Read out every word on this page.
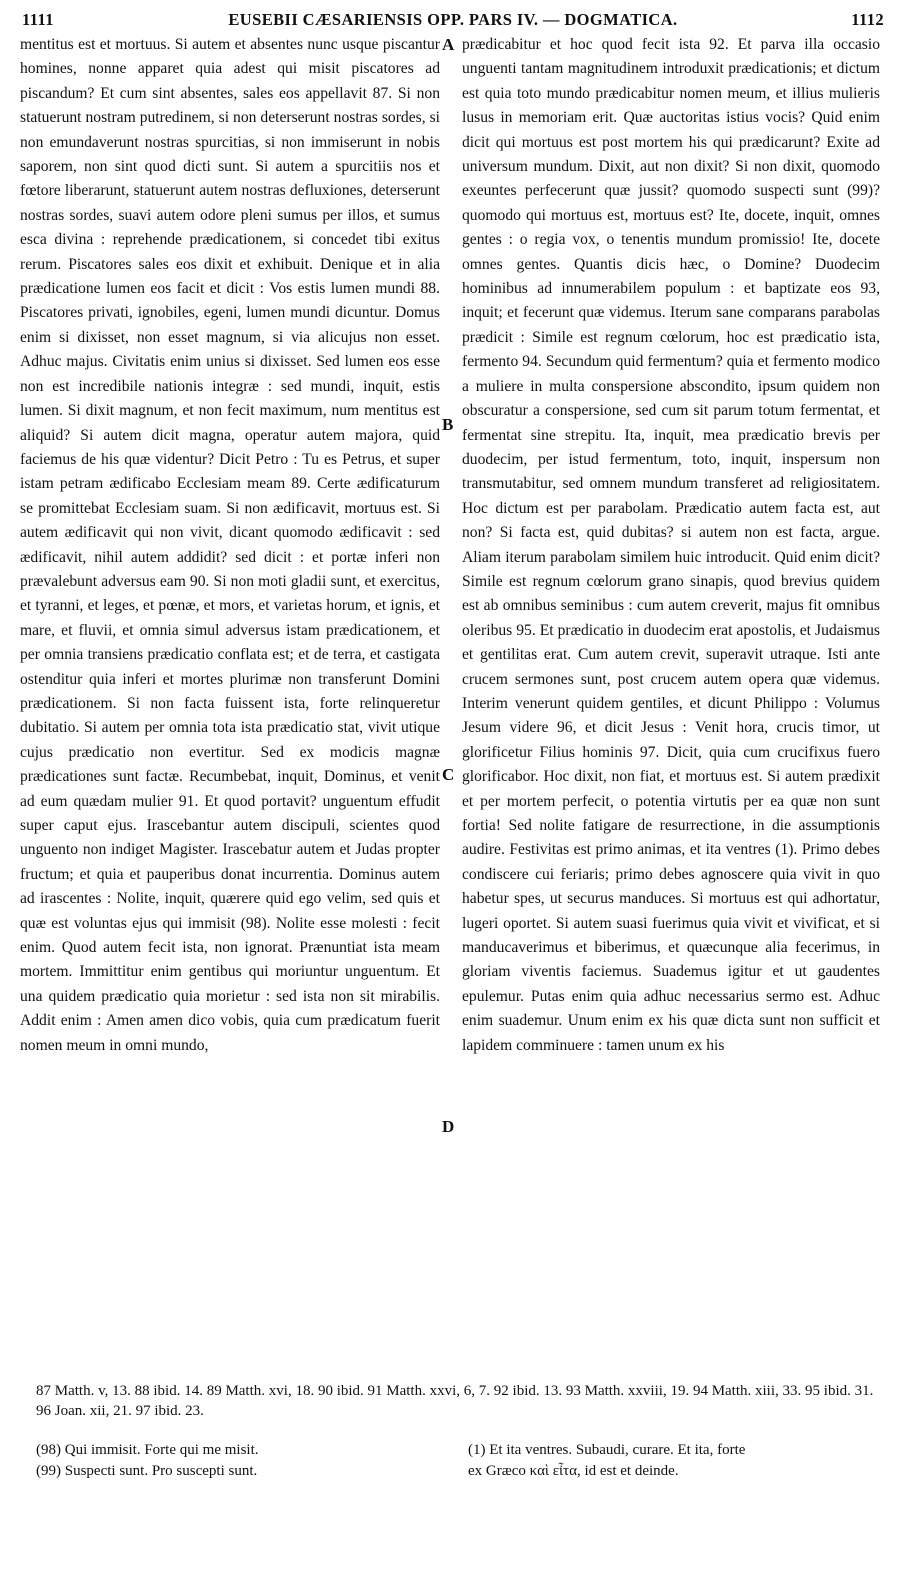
1111	EUSEBII CÆSARIENSIS OPP. PARS IV. — DOGMATICA.	1112

mentitus est et mortuus. Si autem et absentes nunc usque piscantur homines, nonne apparet quia adest qui misit piscatores ad piscandum? Et cum sint absentes, sales eos appellavit 87. Si non statuerunt nostram putredinem, si non deterserunt nostras sordes, si non emundaverunt nostras spurcitias, si non immiserunt in nobis saporem, non sint quod dicti sunt. Si autem a spurcitiis nos et fœtore liberarunt, statuerunt autem nostras defluxiones, deterserunt nostras sordes, suavi autem odore pleni sumus per illos, et sumus esca divina : reprehende prædicationem, si concedet tibi exitus rerum. Piscatores sales eos dixit et exhibuit. Denique et in alia prædicatione lumen eos facit et dicit : Vos estis lumen mundi 88. Piscatores privati, ignobiles, egeni, lumen mundi dicuntur. Domus enim si dixisset, non esset magnum, si via alicujus non esset. Adhuc majus. Civitatis enim unius si dixisset. Sed lumen eos esse non est incredibile nationis integræ : sed mundi, inquit, estis lumen. Si dixit magnum, et non fecit maximum, num mentitus est aliquid? Si autem dicit magna, operatur autem majora, quid faciemus de his quæ videntur? Dicit Petro : Tu es Petrus, et super istam petram ædificabo Ecclesiam meam 89. Certe ædificaturum se promittebat Ecclesiam suam. Si non ædificavit, mortuus est. Si autem ædificavit qui non vivit, dicant quomodo ædificavit : sed ædificavit, nihil autem addidit? sed dicit : et portæ inferi non prævalebunt adversus eam 90. Si non moti gladii sunt, et exercitus, et tyranni, et leges, et pœnæ, et mors, et varietas horum, et ignis, et mare, et fluvii, et omnia simul adversus istam prædicationem, et per omnia transiens prædicatio conflata est; et de terra, et castigata ostenditur quia inferi et mortes plurimæ non transferunt Domini prædicationem. Si non facta fuissent ista, forte relinqueretur dubitatio. Si autem per omnia tota ista prædicatio stat, vivit utique cujus prædicatio non evertitur. Sed ex modicis magnæ prædicationes sunt factæ. Recumbebat, inquit, Dominus, et venit ad eum quædam mulier 91. Et quod portavit? unguentum effudit super caput ejus. Irascebantur autem discipuli, scientes quod unguento non indiget Magister. Irascebatur autem et Judas propter fructum; et quia et pauperibus donat incurrentia. Dominus autem ad irascentes : Nolite, inquit, quærere quid ego velim, sed quis et quæ est voluntas ejus qui immisit (98). Nolite esse molesti : fecit enim. Quod autem fecit ista, non ignorat. Prænuntiat ista meam mortem. Immittitur enim gentibus qui moriuntur unguentum. Et una quidem prædicatio quia morietur : sed ista non sit mirabilis. Addit enim : Amen amen dico vobis, quia cum prædicatum fuerit nomen meum in omni mundo,

A
B
C
D

prædicabitur et hoc quod fecit ista 92. Et parva illa occasio unguenti tantam magnitudinem introduxit prædicationis; et dictum est quia toto mundo prædicabitur nomen meum, et illius mulieris lusus in memoriam erit. Quæ auctoritas istius vocis? Quid enim dicit qui mortuus est post mortem his qui prædicarunt? Exite ad universum mundum. Dixit, aut non dixit? Si non dixit, quomodo exeuntes perfecerunt quæ jussit? quomodo suspecti sunt (99)? quomodo qui mortuus est, mortuus est? Ite, docete, inquit, omnes gentes : o regia vox, o tenentis mundum promissio! Ite, docete omnes gentes. Quantis dicis hæc, o Domine? Duodecim hominibus ad innumerabilem populum : et baptizate eos 93, inquit; et fecerunt quæ videmus. Iterum sane comparans parabolas prædicit : Simile est regnum cœlorum, hoc est prædicatio ista, fermento 94. Secundum quid fermentum? quia et fermento modico a muliere in multa conspersione abscondito, ipsum quidem non obscuratur a conspersione, sed cum sit parum totum fermentat, et fermentat sine strepitu. Ita, inquit, mea prædicatio brevis per duodecim, per istud fermentum, toto, inquit, inspersum non transmutabitur, sed omnem mundum transferet ad religiositatem. Hoc dictum est per parabolam. Prædicatio autem facta est, aut non? Si facta est, quid dubitas? si autem non est facta, argue. Aliam iterum parabolam similem huic introducit. Quid enim dicit? Simile est regnum cœlorum grano sinapis, quod brevius quidem est ab omnibus seminibus : cum autem creverit, majus fit omnibus oleribus 95. Et prædicatio in duodecim erat apostolis, et Judaismus et gentilitas erat. Cum autem crevit, superavit utraque. Isti ante crucem sermones sunt, post crucem autem opera quæ videmus. Interim venerunt quidem gentiles, et dicunt Philippo : Volumus Jesum videre 96, et dicit Jesus : Venit hora, crucis timor, ut glorificetur Filius hominis 97. Dicit, quia cum crucifixus fuero glorificabor. Hoc dixit, non fiat, et mortuus est. Si autem prædixit et per mortem perfecit, o potentia virtutis per ea quæ non sunt fortia! Sed nolite fatigare de resurrectione, in die assumptionis audire. Festivitas est primo animas, et ita ventres (1). Primo debes condiscere cui feriaris; primo debes agnoscere quia vivit in quo habetur spes, ut securus manduces. Si mortuus est qui adhortatur, lugeri oportet. Si autem suasi fuerimus quia vivit et vivificat, et si manducaverimus et biberimus, et quæcunque alia fecerimus, in gloriam viventis faciemus. Suademus igitur et ut gaudentes epulemur. Putas enim quia adhuc necessarius sermo est. Adhuc enim suademur. Unum enim ex his quæ dicta sunt non sufficit et lapidem comminuere : tamen unum ex his

87 Matth. v, 13. 88 ibid. 14. 89 Matth. xvi, 18. 90 ibid. 91 Matth. xxvi, 6, 7. 92 ibid. 13. 93 Matth. xxviii, 19. 94 Matth. xiii, 33. 95 ibid. 31. 96 Joan. xii, 21. 97 ibid. 23.
(98) Qui immisit. Forte qui me misit.
(99) Suspecti sunt. Pro suscepti sunt.
(1) Et ita ventres. Subaudi, curare. Et ita, forte
ex Græco καὶ εἶτα, id est et deinde.
